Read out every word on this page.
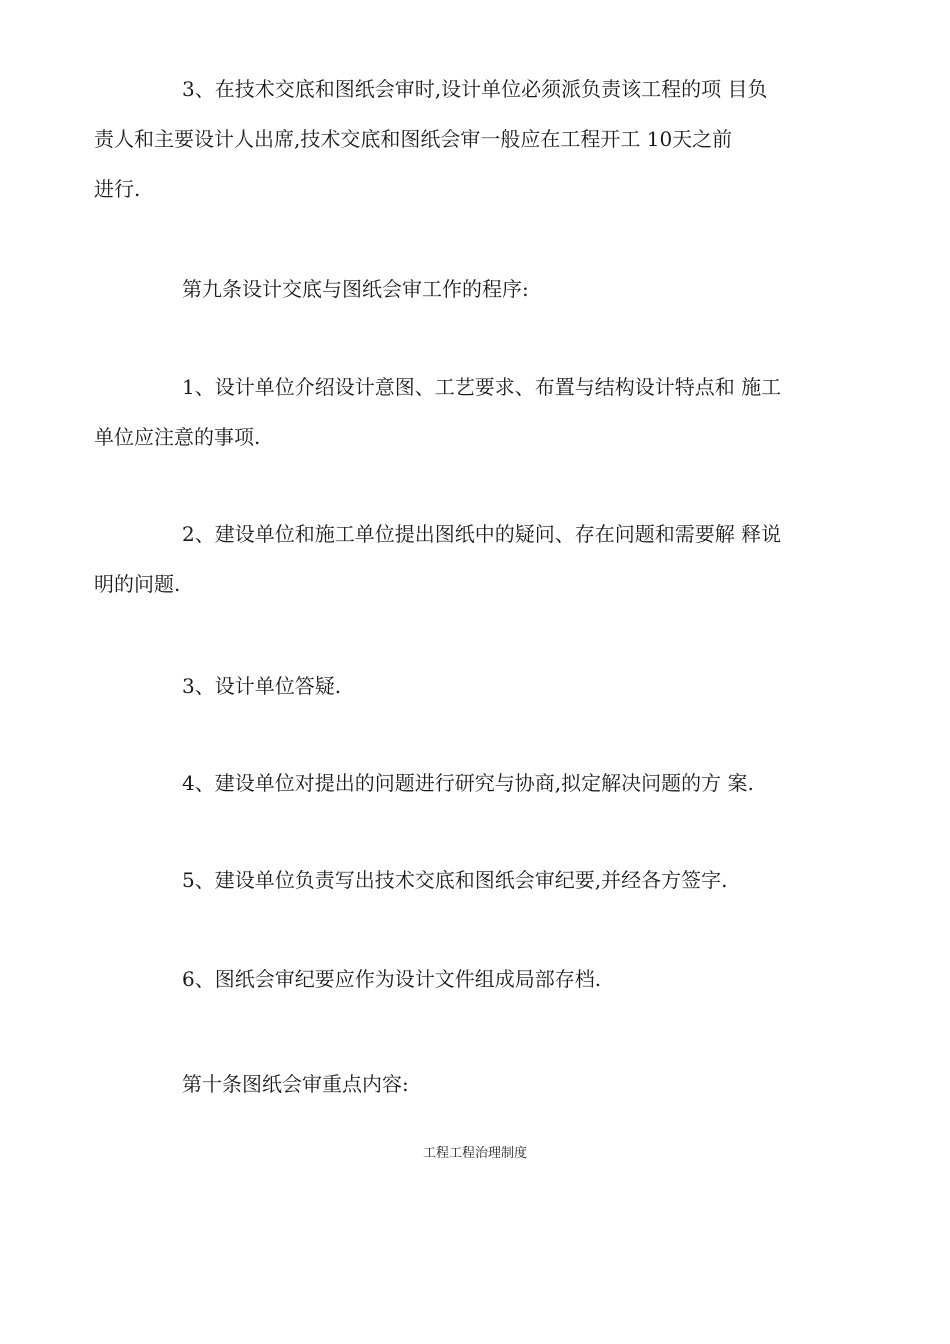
3、在技术交底和图纸会审时,设计单位必须派负责该工程的项 目负
责人和主要设计人出席,技术交底和图纸会审一般应在工程开工 10天之前
进行.

第九条设计交底与图纸会审工作的程序:

1、设计单位介绍设计意图、工艺要求、布置与结构设计特点和 施工
单位应注意的事项.

2、建设单位和施工单位提出图纸中的疑问、存在问题和需要解 释说
明的问题.

3、设计单位答疑.

4、建设单位对提出的问题进行研究与协商,拟定解决问题的方 案.

5、建设单位负责写出技术交底和图纸会审纪要,并经各方签字.

6、图纸会审纪要应作为设计文件组成局部存档.

第十条图纸会审重点内容:

工程工程治理制度
